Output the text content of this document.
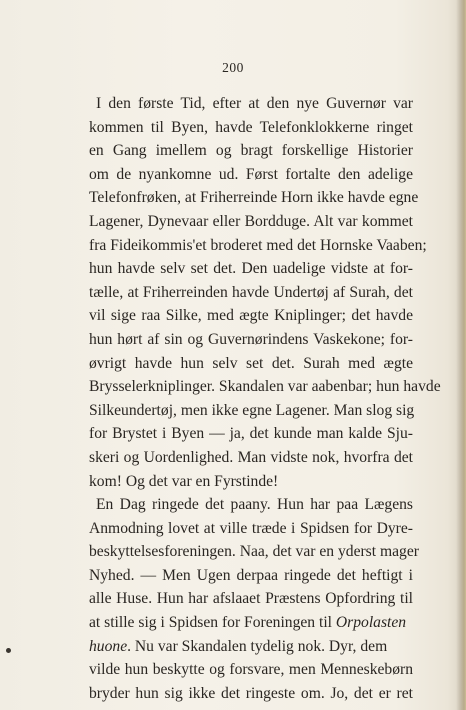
200
I den første Tid, efter at den nye Guvernør var
kommen til Byen, havde Telefonklokkerne ringet
en Gang imellem og bragt forskellige Historier
om de nyankomne ud. Først fortalte den adelige
Telefonfrøken, at Friherreinde Horn ikke havde egne
Lagener, Dynevaar eller Bordduge. Alt var kommet
fra Fideikommis'et broderet med det Hornske Vaaben;
hun havde selv set det. Den uadelige vidste at for-
tælle, at Friherreinden havde Undertøj af Surah, det
vil sige raa Silke, med ægte Kniplinger; det havde
hun hørt af sin og Guvernørindens Vaskekone; for-
øvrigt havde hun selv set det. Surah med ægte
Brysselerkniplinger. Skandalen var aabenbar; hun havde
Silkeundertøj, men ikke egne Lagener. Man slog sig
for Brystet i Byen — ja, det kunde man kalde Sju-
skeri og Uordenlighed. Man vidste nok, hvorfra det
kom! Og det var en Fyrstinde!
En Dag ringede det paany. Hun har paa Lægens
Anmodning lovet at ville træde i Spidsen for Dyre-
beskyttelsesforeningen. Naa, det var en yderst mager
Nyhed. — Men Ugen derpaa ringede det heftigt i
alle Huse. Hun har afslaaet Præstens Opfordring til
at stille sig i Spidsen for Foreningen til Orpolasten
huone. Nu var Skandalen tydelig nok. Dyr, dem
vilde hun beskytte og forsvare, men Menneskebørn
bryder hun sig ikke det ringeste om. Jo, det er ret
